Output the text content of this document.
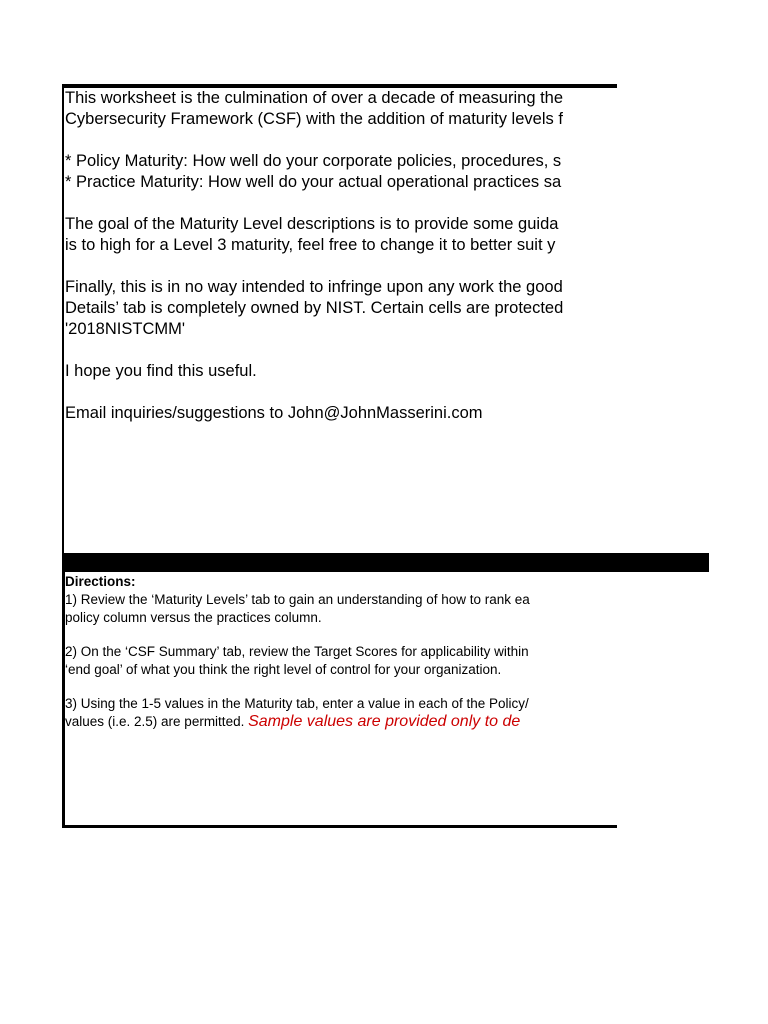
This worksheet is the culmination of over a decade of measuring the
Cybersecurity Framework (CSF) with the addition of maturity levels f
* Policy Maturity: How well do your corporate policies, procedures, s
* Practice Maturity: How well do your actual operational practices sa
The goal of the Maturity Level descriptions is to provide some guida
is to high for a Level 3 maturity, feel free to change it to better suit y
Finally, this is in no way intended to infringe upon any work the good
Details’ tab is completely owned by NIST. Certain cells are protected
'2018NISTCMM'
I hope you find this useful.
Email inquiries/suggestions to John@JohnMasserini.com
Directions:
1) Review the ‘Maturity Levels’ tab to gain an understanding of how to rank ea
policy column versus the practices column.
2) On the ‘CSF Summary’ tab, review the Target Scores for applicability within
‘end goal’ of what you think the right level of control for your organization.
3) Using the 1-5 values in the Maturity tab, enter a value in each of the Policy/
values (i.e. 2.5) are permitted. Sample values are provided only to de
